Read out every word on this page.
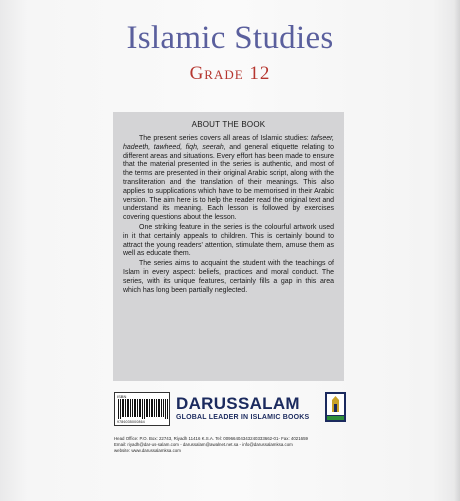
Islamic Studies
Grade 12
ABOUT THE BOOK

The present series covers all areas of Islamic studies: tafseer, hadeeth, tawheed, fiqh, seerah, and general etiquette relating to different areas and situations. Every effort has been made to ensure that the material presented in the series is authentic, and most of the terms are presented in their original Arabic script, along with the transliteration and the translation of their meanings. This also applies to supplications which have to be memorised in their Arabic version. The aim here is to help the reader read the original text and understand its meaning. Each lesson is followed by exercises covering questions about the lesson.

One striking feature in the series is the colourful artwork used in it that certainly appeals to children. This is certainly bound to attract the young readers' attention, stimulate them, amuse them as well as educate them.

The series aims to acquaint the student with the teachings of Islam in every aspect: beliefs, practices and moral conduct. The series, with its unique features, certainly fills a gap in this area which has long been partially neglected.

ISBN
9786035000864
DARUSSALAM
GLOBAL LEADER IN ISLAMIC BOOKS
Head Office: P.O. Box: 22743, Riyadh 11416 K.S.A. Tel: 00966404343240333662-01- Fax: 4021659
Email: riyadh@dar-us-salam.com - darussalam@awalnet.net.sa - info@darussalamksa.com
website: www.darussalamksa.com
